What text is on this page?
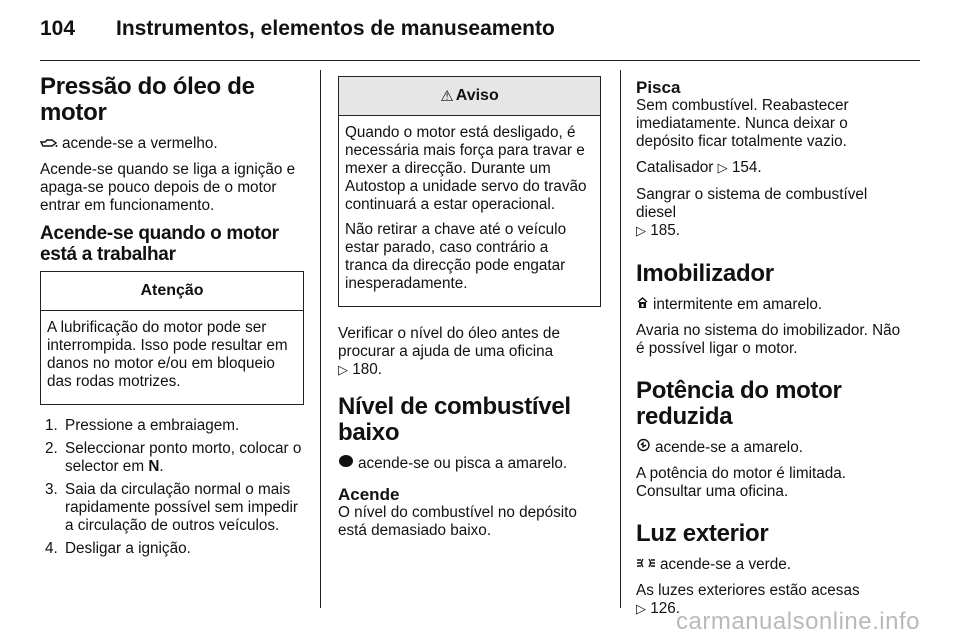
104	Instrumentos, elementos de manuseamento
Pressão do óleo de motor

acende-se a vermelho.

Acende-se quando se liga a ignição e apaga-se pouco depois de o motor entrar em funcionamento.

Acende-se quando o motor está a trabalhar
Atenção

A lubrificação do motor pode ser interrompida. Isso pode resultar em danos no motor e/ou em bloqueio das rodas motrizes.

1. Pressione a embraiagem.
2. Seleccionar ponto morto, colocar o selector em N.
3. Saia da circulação normal o mais rapidamente possível sem impedir a circulação de outros veículos.
4. Desligar a ignição.
⚠ Aviso

Quando o motor está desligado, é necessária mais força para travar e mexer a direcção. Durante um Autostop a unidade servo do travão continuará a estar operacional.

Não retirar a chave até o veículo estar parado, caso contrário a tranca da direcção pode engatar inesperadamente.

Verificar o nível do óleo antes de procurar a ajuda de uma oficina
▷ 180.

Nível de combustível baixo

acende-se ou pisca a amarelo.

Acende

O nível do combustível no depósito está demasiado baixo.

Pisca

Sem combustível. Reabastecer imediatamente. Nunca deixar o depósito ficar totalmente vazio.

Catalisador ▷ 154.

Sangrar o sistema de combustível diesel
▷ 185.

Imobilizador

intermitente em amarelo.

Avaria no sistema do imobilizador. Não é possível ligar o motor.

Potência do motor reduzida

acende-se a amarelo.

A potência do motor é limitada. Consultar uma oficina.

Luz exterior

acende-se a verde.

As luzes exteriores estão acesas
▷ 126.

carmanualsonline.info
